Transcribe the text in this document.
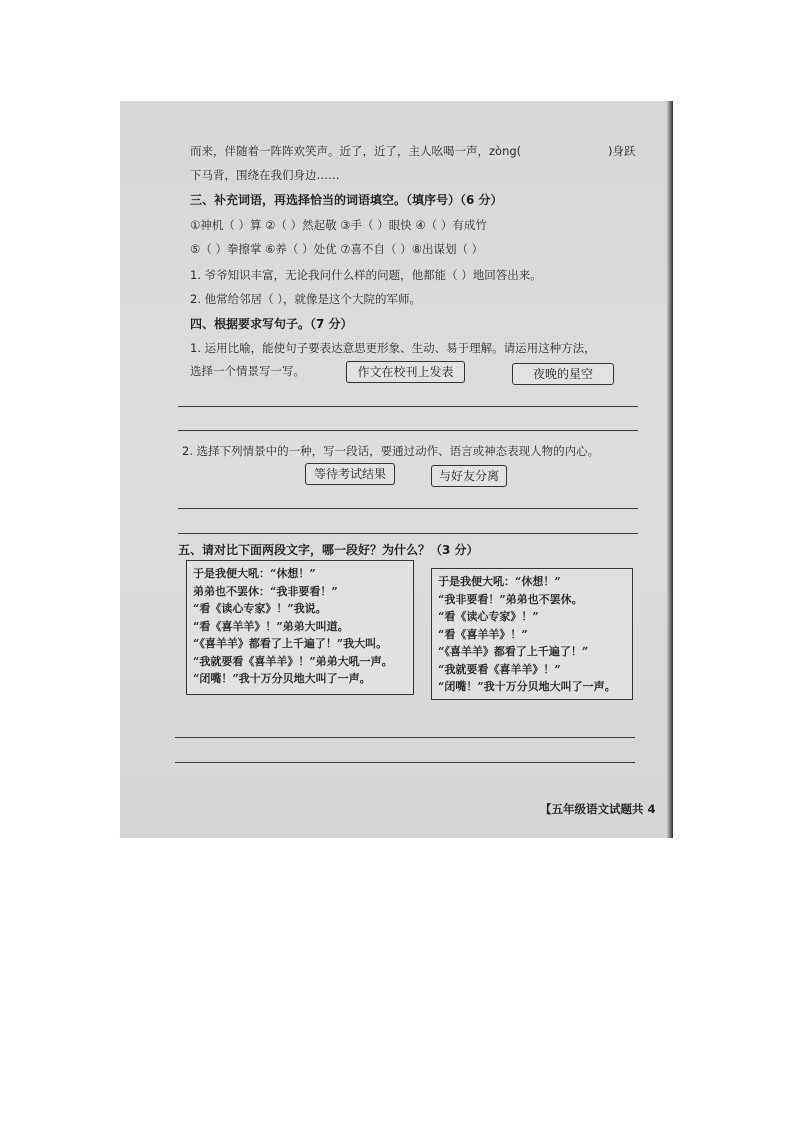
而来，伴随着一阵阵欢笑声。近了，近了，主人吆喝一声，zòng(	)身跃
下马背，围绕在我们身边……
三、补充词语，再选择恰当的词语填空。（填序号）（6 分）
①神机（ ）算 ②（ ）然起敬 ③手（ ）眼快 ④（ ）有成竹
⑤（ ）拳擦掌 ⑥养（ ）处优 ⑦喜不自（ ）⑧出谋划（ ）
1. 爷爷知识丰富，无论我问什么样的问题，他都能（ ）地回答出来。
2. 他常给邻居（ ），就像是这个大院的军师。
四、根据要求写句子。（7 分）
1. 运用比喻，能使句子要表达意思更形象、生动、易于理解。请运用这种方法，
选择一个情景写一写。	作文在校刊上发表	夜晚的星空
2. 选择下列情景中的一种，写一段话，要通过动作、语言或神态表现人物的内心。
等待考试结果	与好友分离
五、请对比下面两段文字，哪一段好？为什么？（3 分）
于是我便大吼：“休想！”
弟弟也不罢休：“我非要看！”
“看《读心专家》！”我说。
“看《喜羊羊》！”弟弟大叫道。
“《喜羊羊》都看了上千遍了！”我大叫。
“我就要看《喜羊羊》！”弟弟大吼一声。
“闭嘴！”我十万分贝地大叫了一声。
于是我便大吼：“休想！”
“我非要看！”弟弟也不罢休。
“看《读心专家》！”
“看《喜羊羊》！”
“《喜羊羊》都看了上千遍了！”
“我就要看《喜羊羊》！”
“闭嘴！”我十万分贝地大叫了一声。
【五年级语文试题共 4
